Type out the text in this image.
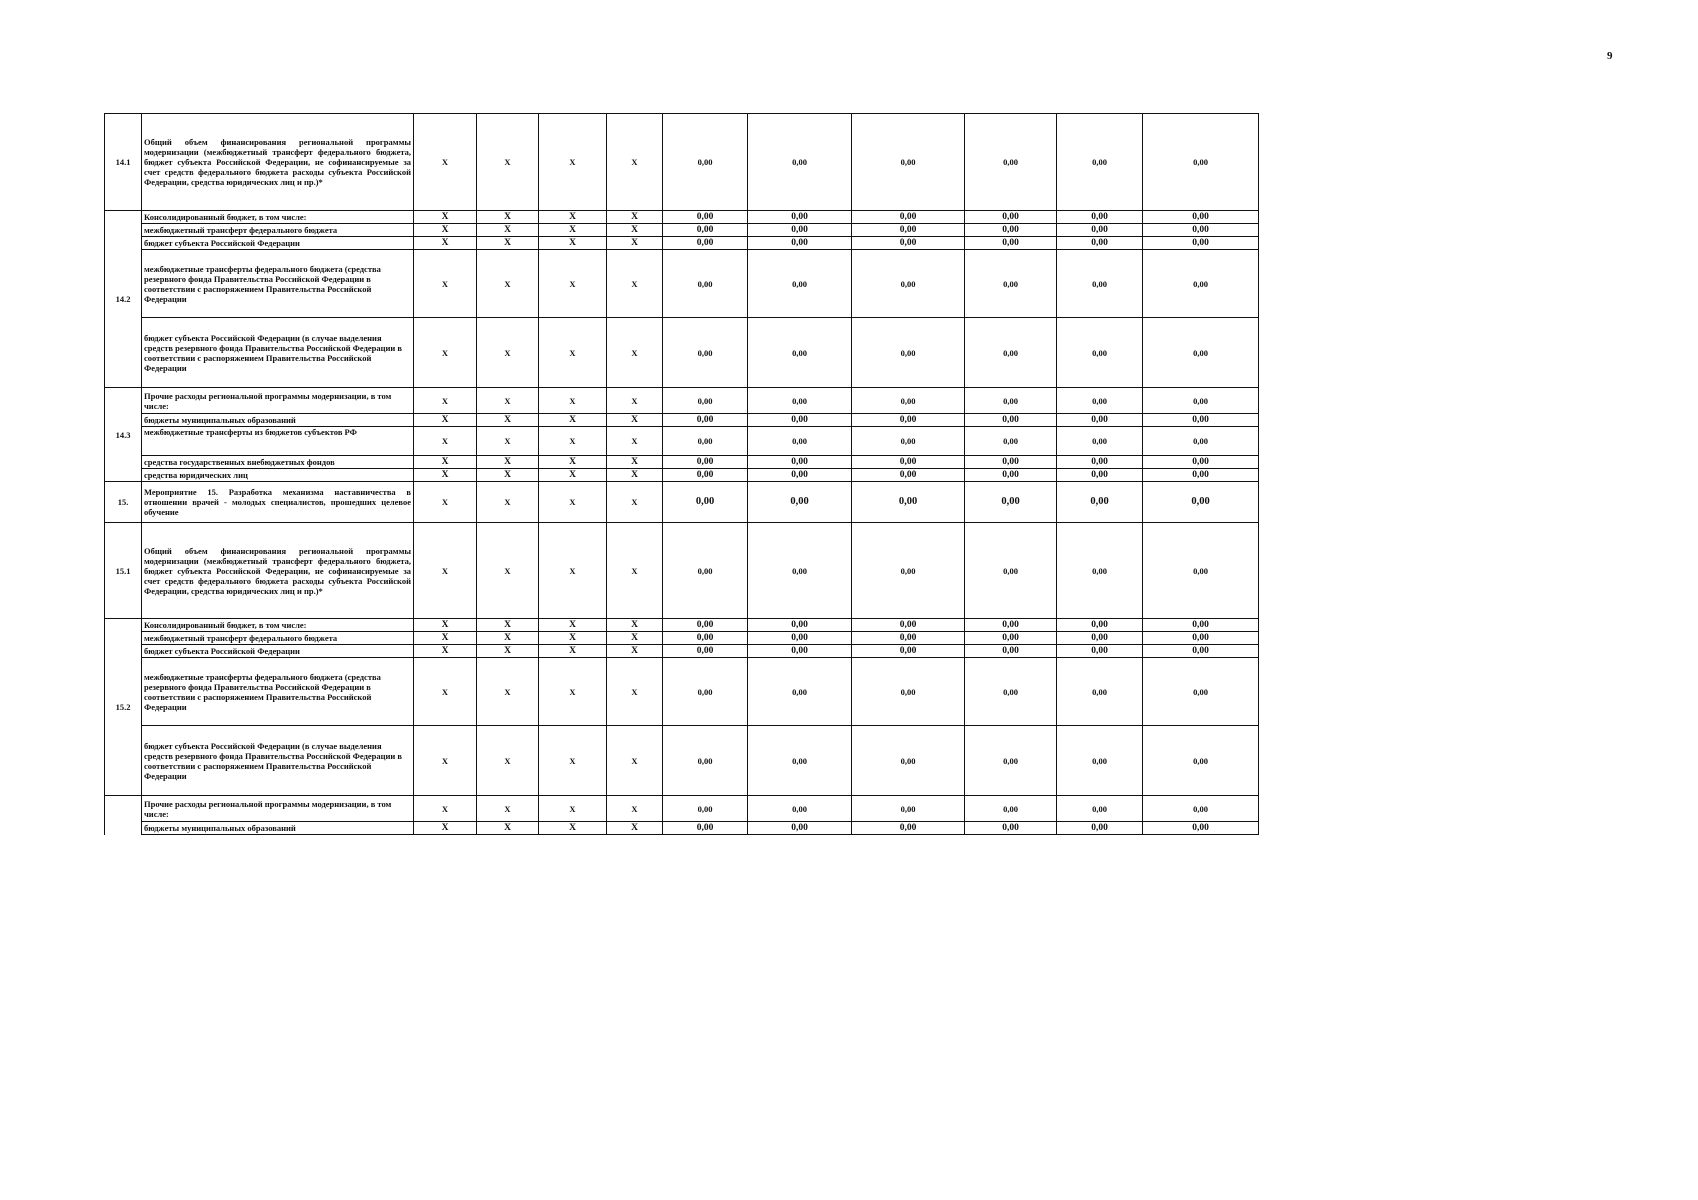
9
14.1	Общий объем финансирования региональной программы модернизации (межбюджетный трансферт федерального бюджета, бюджет субъекта Российской Федерации, не софинансируемые за счет средств федерального бюджета расходы субъекта Российской Федерации, средства юридических лиц и пр.)*	X	X	X	X	0,00	0,00	0,00	0,00	0,00	0,00
14.2	Консолидированный бюджет, в том числе:	X	X	X	X	0,00	0,00	0,00	0,00	0,00	0,00
	межбюджетный трансферт федерального бюджета	X	X	X	X	0,00	0,00	0,00	0,00	0,00	0,00
	бюджет субъекта Российской Федерации	X	X	X	X	0,00	0,00	0,00	0,00	0,00	0,00
	межбюджетные трансферты федерального бюджета (средства резервного фонда Правительства Российской Федерации в соответствии с распоряжением Правительства Российской Федерации	X	X	X	X	0,00	0,00	0,00	0,00	0,00	0,00
	бюджет субъекта Российской Федерации (в случае выделения средств резервного фонда Правительства Российской Федерации в соответствии с распоряжением Правительства Российской Федерации	X	X	X	X	0,00	0,00	0,00	0,00	0,00	0,00
14.3	Прочие расходы региональной программы модернизации, в том числе:	X	X	X	X	0,00	0,00	0,00	0,00	0,00	0,00
	бюджеты муниципальных образований	X	X	X	X	0,00	0,00	0,00	0,00	0,00	0,00
	межбюджетные трансферты из бюджетов субъектов РФ	X	X	X	X	0,00	0,00	0,00	0,00	0,00	0,00
	средства государственных внебюджетных фондов	X	X	X	X	0,00	0,00	0,00	0,00	0,00	0,00
	средства юридических лиц	X	X	X	X	0,00	0,00	0,00	0,00	0,00	0,00
15.	Мероприятие 15. Разработка механизма наставничества в отношении врачей - молодых специалистов, прошедших целевое обучение	X	X	X	X	0,00	0,00	0,00	0,00	0,00	0,00
15.1	Общий объем финансирования региональной программы модернизации (межбюджетный трансферт федерального бюджета, бюджет субъекта Российской Федерации, не софинансируемые за счет средств федерального бюджета расходы субъекта Российской Федерации, средства юридических лиц и пр.)*	X	X	X	X	0,00	0,00	0,00	0,00	0,00	0,00
15.2	Консолидированный бюджет, в том числе:	X	X	X	X	0,00	0,00	0,00	0,00	0,00	0,00
	межбюджетный трансферт федерального бюджета	X	X	X	X	0,00	0,00	0,00	0,00	0,00	0,00
	бюджет субъекта Российской Федерации	X	X	X	X	0,00	0,00	0,00	0,00	0,00	0,00
	межбюджетные трансферты федерального бюджета (средства резервного фонда Правительства Российской Федерации в соответствии с распоряжением Правительства Российской Федерации	X	X	X	X	0,00	0,00	0,00	0,00	0,00	0,00
	бюджет субъекта Российской Федерации (в случае выделения средств резервного фонда Правительства Российской Федерации в соответствии с распоряжением Правительства Российской Федерации	X	X	X	X	0,00	0,00	0,00	0,00	0,00	0,00
	Прочие расходы региональной программы модернизации, в том числе:	X	X	X	X	0,00	0,00	0,00	0,00	0,00	0,00
	бюджеты муниципальных образований	X	X	X	X	0,00	0,00	0,00	0,00	0,00	0,00
